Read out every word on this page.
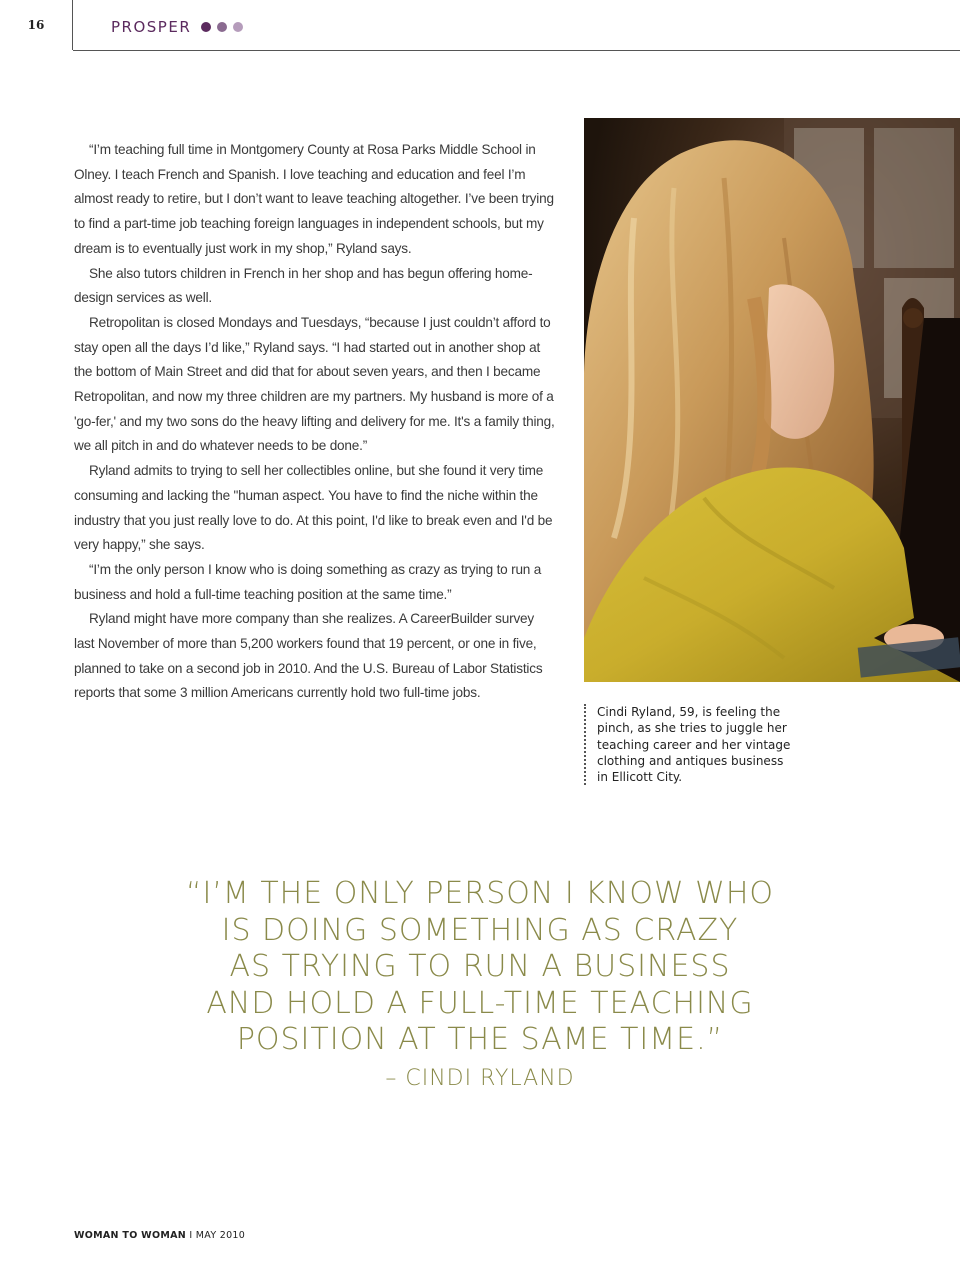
16	PROSPER

“I’m teaching full time in Montgomery County at Rosa Parks Middle School in Olney. I teach French and Spanish. I love teaching and education and feel I’m almost ready to retire, but I don’t want to leave teaching altogether. I’ve been trying to find a part-time job teaching foreign languages in independent schools, but my dream is to eventually just work in my shop,” Ryland says.

She also tutors children in French in her shop and has begun offering home-design services as well.

Retropolitan is closed Mondays and Tuesdays, “because I just couldn’t afford to stay open all the days I’d like,” Ryland says. “I had started out in another shop at the bottom of Main Street and did that for about seven years, and then I became Retropolitan, and now my three children are my partners. My husband is more of a 'go-fer,' and my two sons do the heavy lifting and delivery for me. It's a family thing, we all pitch in and do whatever needs to be done.”

Ryland admits to trying to sell her collectibles online, but she found it very time consuming and lacking the "human aspect. You have to find the niche within the industry that you just really love to do. At this point, I'd like to break even and I'd be very happy,” she says.

“I’m the only person I know who is doing something as crazy as trying to run a business and hold a full-time teaching position at the same time.”

Ryland might have more company than she realizes. A CareerBuilder survey last November of more than 5,200 workers found that 19 percent, or one in five, planned to take on a second job in 2010. And the U.S. Bureau of Labor Statistics reports that some 3 million Americans currently hold two full-time jobs.

Cindi Ryland, 59, is feeling the pinch, as she tries to juggle her teaching career and her vintage clothing and antiques business in Ellicott City.
“I’M THE ONLY PERSON I KNOW WHO
IS DOING SOMETHING AS CRAZY
AS TRYING TO RUN A BUSINESS
AND HOLD A FULL-TIME TEACHING
POSITION AT THE SAME TIME.”
– CINDI RYLAND
WOMAN TO WOMAN I MAY 2010
